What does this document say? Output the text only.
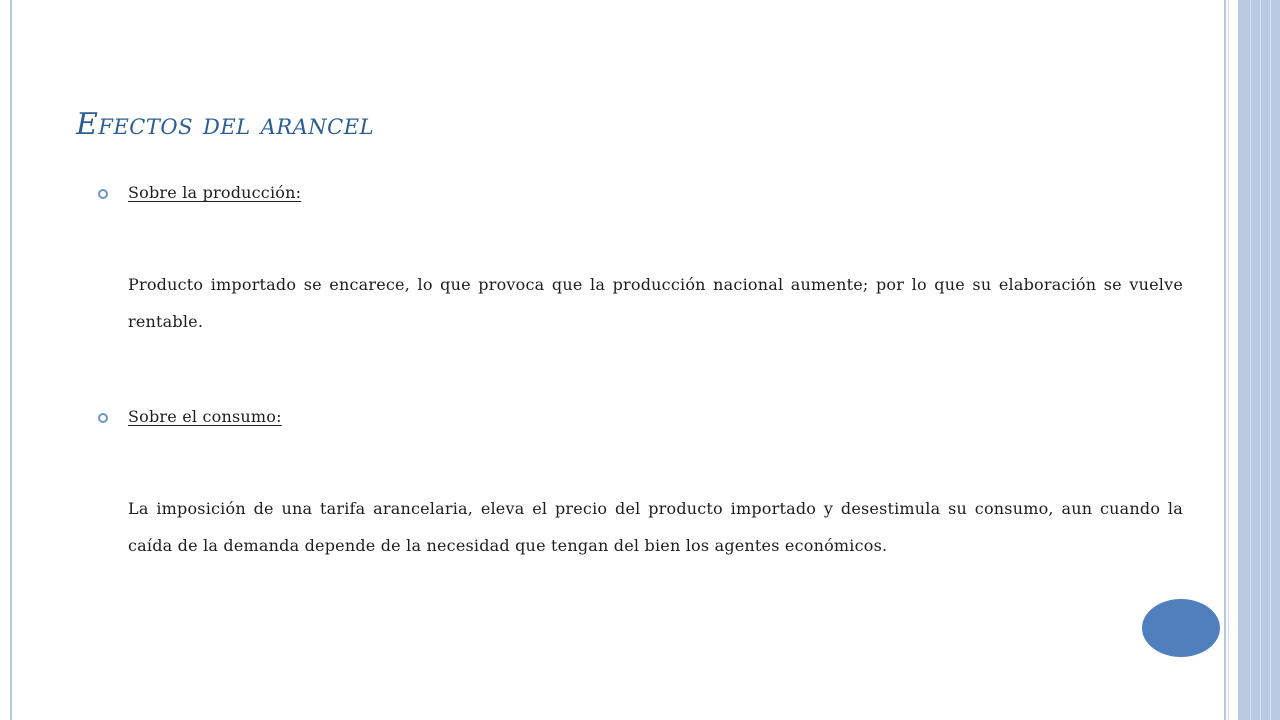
Efectos del arancel
Sobre la producción:

Producto importado se encarece, lo que provoca que la producción nacional aumente; por lo que su elaboración se vuelve rentable.

Sobre el consumo:

La imposición de una tarifa arancelaria, eleva el precio del producto importado y desestimula su consumo, aun cuando la caída de la demanda depende de la necesidad que tengan del bien los agentes económicos.
